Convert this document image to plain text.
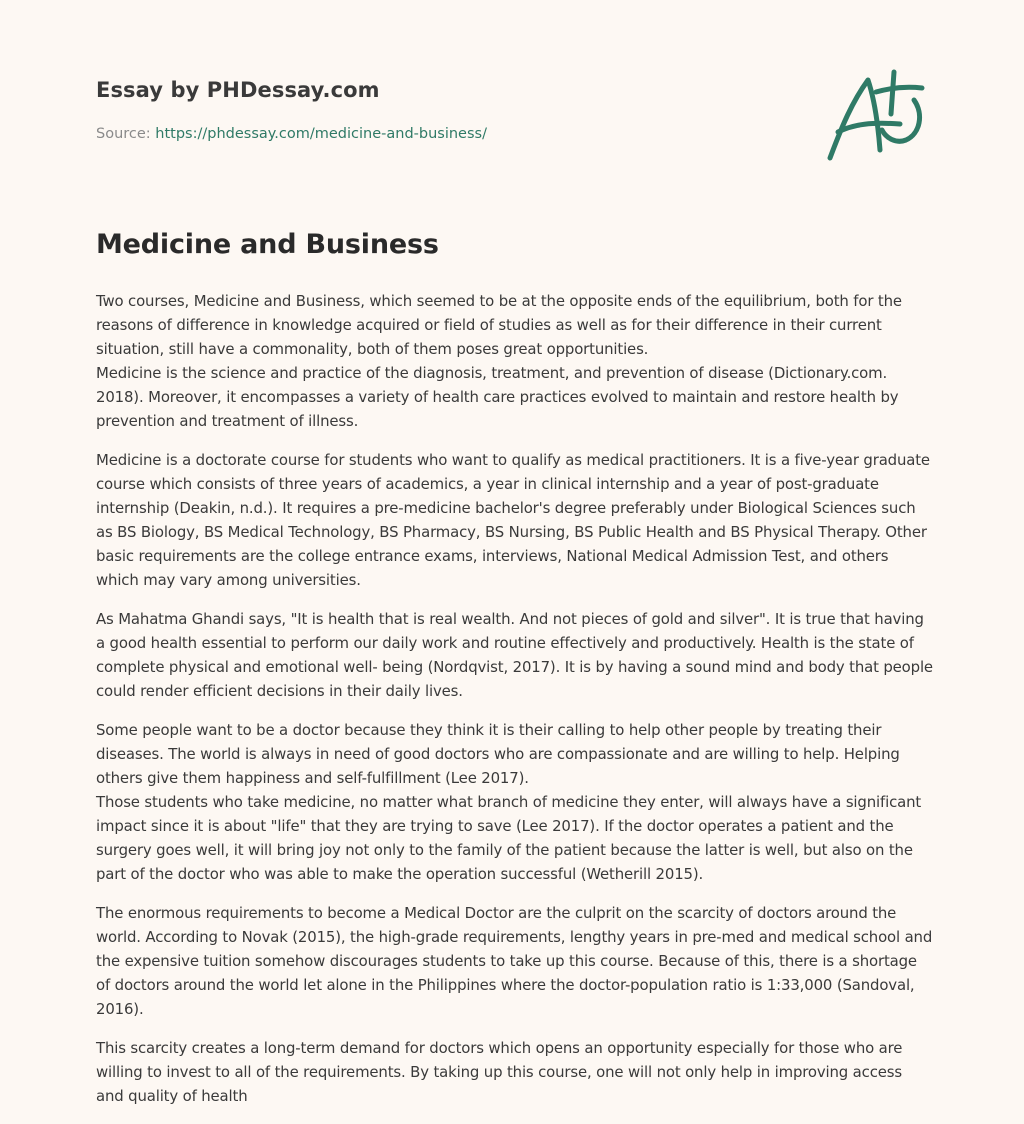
Essay by PHDessay.com
Source: https://phdessay.com/medicine-and-business/
Medicine and Business

Two courses, Medicine and Business, which seemed to be at the opposite ends of the equilibrium, both for the reasons of difference in knowledge acquired or field of studies as well as for their difference in their current situation, still have a commonality, both of them poses great opportunities.
Medicine is the science and practice of the diagnosis, treatment, and prevention of disease (Dictionary.com. 2018). Moreover, it encompasses a variety of health care practices evolved to maintain and restore health by prevention and treatment of illness.

Medicine is a doctorate course for students who want to qualify as medical practitioners. It is a five-year graduate course which consists of three years of academics, a year in clinical internship and a year of post-graduate internship (Deakin, n.d.). It requires a pre-medicine bachelor's degree preferably under Biological Sciences such as BS Biology, BS Medical Technology, BS Pharmacy, BS Nursing, BS Public Health and BS Physical Therapy. Other basic requirements are the college entrance exams, interviews, National Medical Admission Test, and others which may vary among universities.

As Mahatma Ghandi says, "It is health that is real wealth. And not pieces of gold and silver". It is true that having a good health essential to perform our daily work and routine effectively and productively. Health is the state of complete physical and emotional well- being (Nordqvist, 2017). It is by having a sound mind and body that people could render efficient decisions in their daily lives.

Some people want to be a doctor because they think it is their calling to help other people by treating their diseases. The world is always in need of good doctors who are compassionate and are willing to help. Helping others give them happiness and self-fulfillment (Lee 2017).
Those students who take medicine, no matter what branch of medicine they enter, will always have a significant impact since it is about "life" that they are trying to save (Lee 2017). If the doctor operates a patient and the surgery goes well, it will bring joy not only to the family of the patient because the latter is well, but also on the part of the doctor who was able to make the operation successful (Wetherill 2015).

The enormous requirements to become a Medical Doctor are the culprit on the scarcity of doctors around the world. According to Novak (2015), the high-grade requirements, lengthy years in pre-med and medical school and the expensive tuition somehow discourages students to take up this course. Because of this, there is a shortage of doctors around the world let alone in the Philippines where the doctor-population ratio is 1:33,000 (Sandoval, 2016).

This scarcity creates a long-term demand for doctors which opens an opportunity especially for those who are willing to invest to all of the requirements. By taking up this course, one will not only help in improving access and quality of health
